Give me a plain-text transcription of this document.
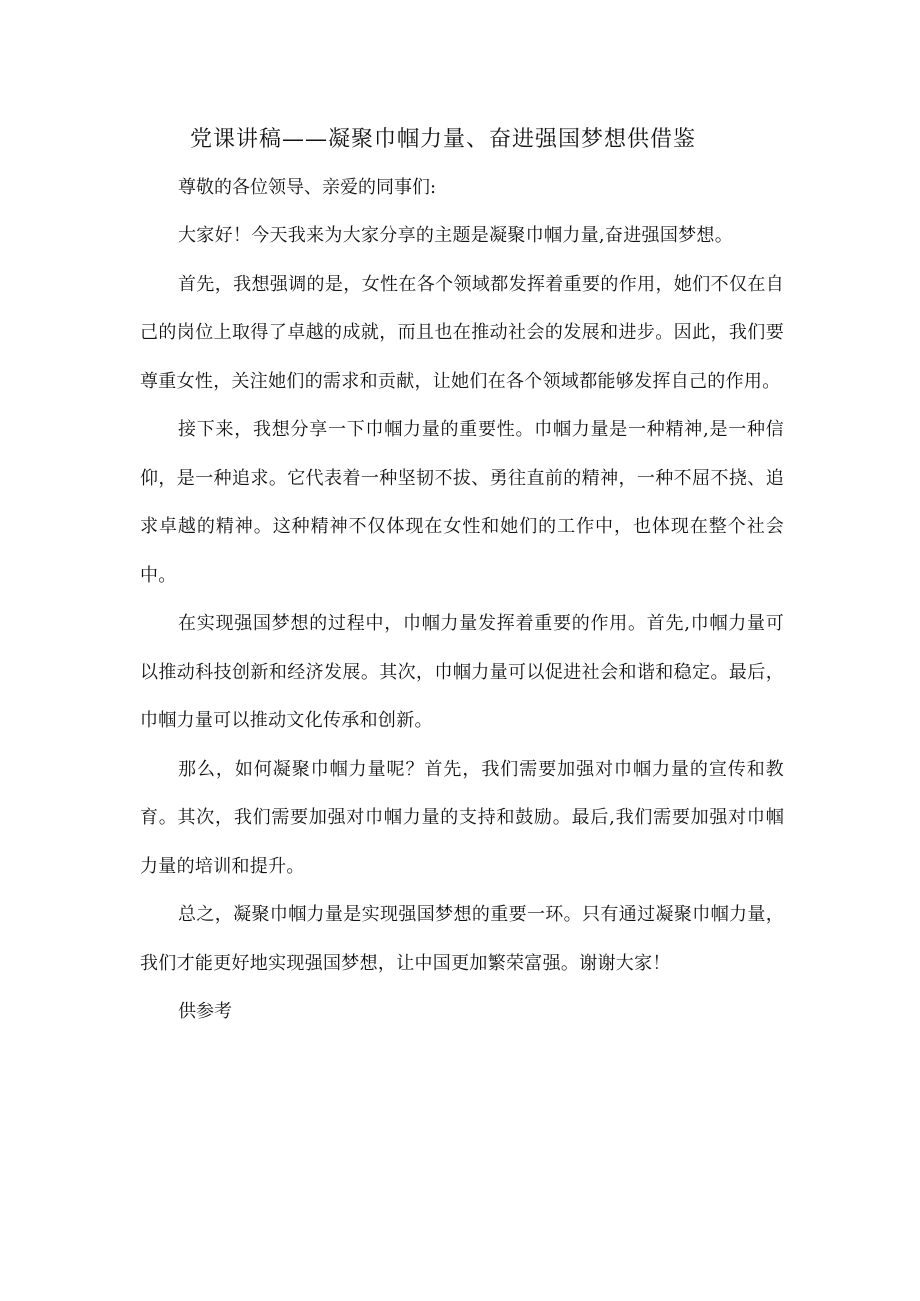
党课讲稿——凝聚巾帼力量、奋进强国梦想供借鉴

尊敬的各位领导、亲爱的同事们:

大家好！今天我来为大家分享的主题是凝聚巾帼力量,奋进强国梦想。

首先，我想强调的是，女性在各个领域都发挥着重要的作用，她们不仅在自己的岗位上取得了卓越的成就，而且也在推动社会的发展和进步。因此，我们要尊重女性，关注她们的需求和贡献，让她们在各个领域都能够发挥自己的作用。

接下来，我想分享一下巾帼力量的重要性。巾帼力量是一种精神,是一种信仰，是一种追求。它代表着一种坚韧不拔、勇往直前的精神，一种不屈不挠、追求卓越的精神。这种精神不仅体现在女性和她们的工作中，也体现在整个社会中。

在实现强国梦想的过程中，巾帼力量发挥着重要的作用。首先,巾帼力量可以推动科技创新和经济发展。其次，巾帼力量可以促进社会和谐和稳定。最后，巾帼力量可以推动文化传承和创新。

那么，如何凝聚巾帼力量呢？首先，我们需要加强对巾帼力量的宣传和教育。其次，我们需要加强对巾帼力量的支持和鼓励。最后,我们需要加强对巾帼力量的培训和提升。

总之，凝聚巾帼力量是实现强国梦想的重要一环。只有通过凝聚巾帼力量，我们才能更好地实现强国梦想，让中国更加繁荣富强。谢谢大家！

供参考
